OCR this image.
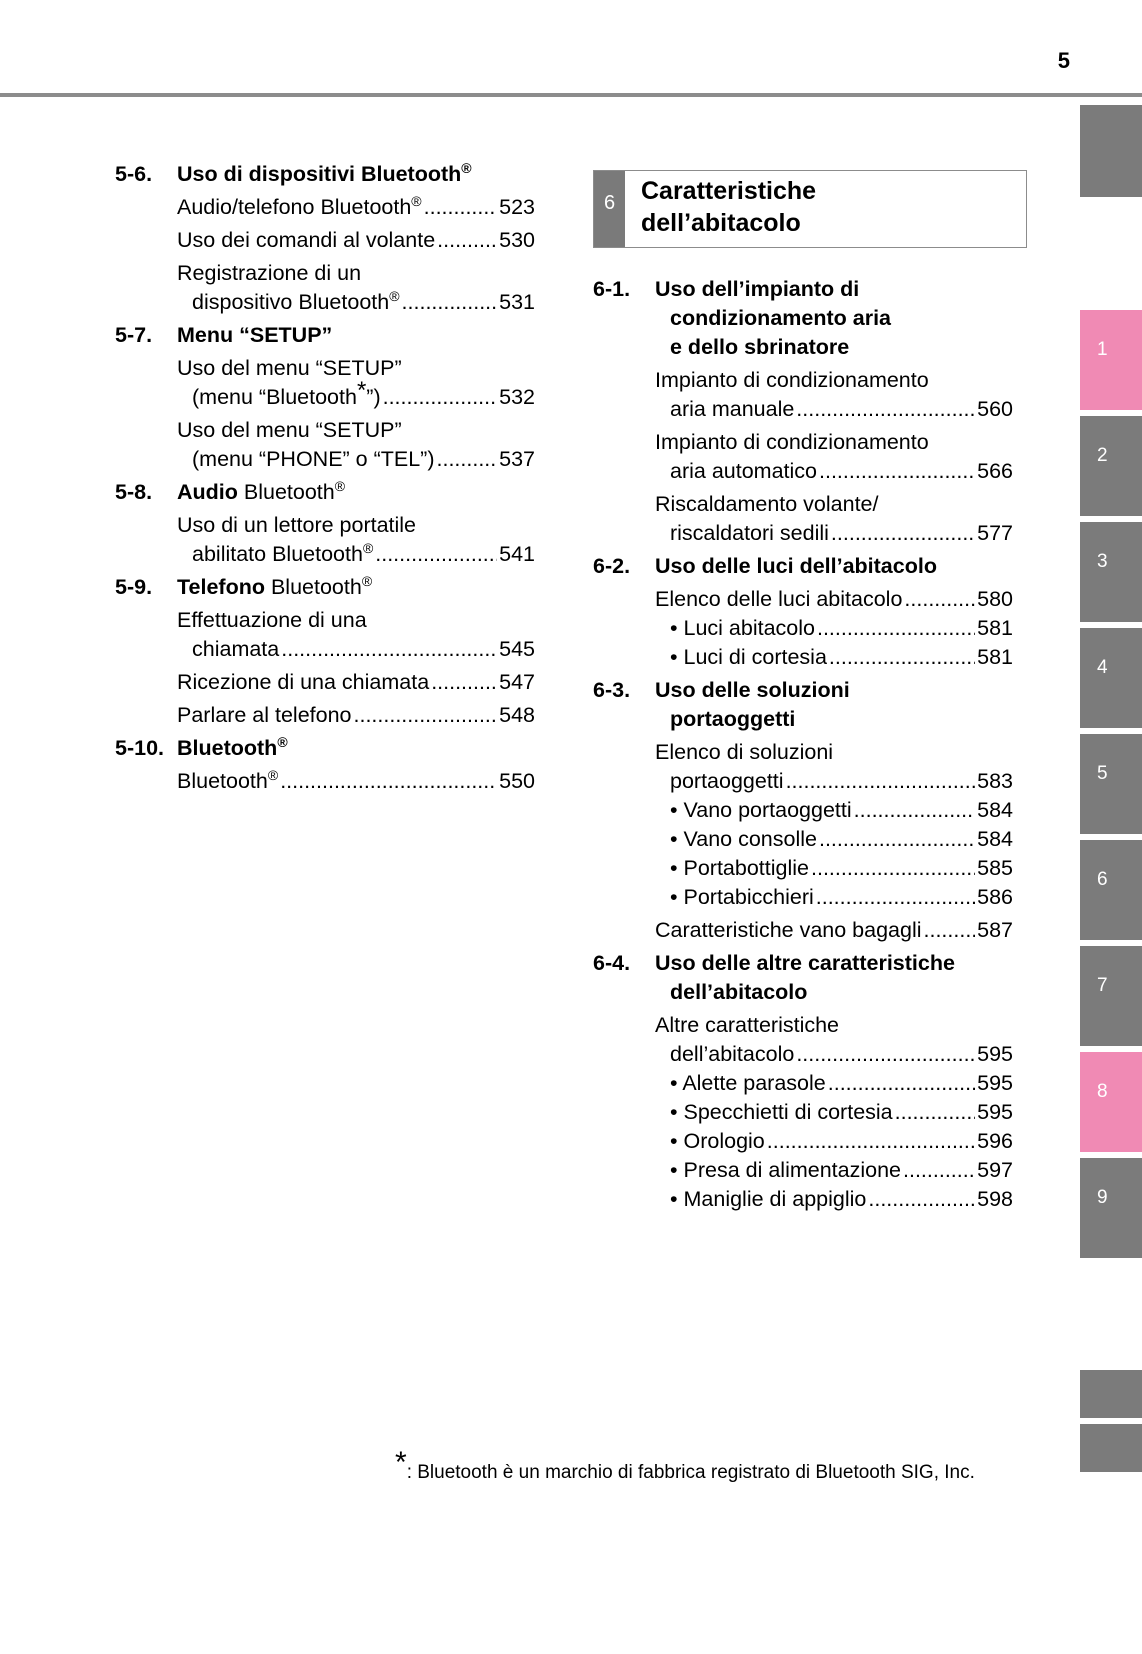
5
5-6.	Uso di dispositivi Bluetooth®
Audio/telefono Bluetooth® .....	523
Uso dei comandi al volante .....	530
Registrazione di un
dispositivo Bluetooth® .....	531
5-7.	Menu “SETUP”
Uso del menu “SETUP”
(menu “Bluetooth*”) .....	532
Uso del menu “SETUP”
(menu “PHONE” o “TEL”) .....	537
5-8.	Audio Bluetooth®
Uso di un lettore portatile
abilitato Bluetooth® .....	541
5-9.	Telefono Bluetooth®
Effettuazione di una
chiamata .....	545
Ricezione di una chiamata .....	547
Parlare al telefono .....	548
5-10. Bluetooth®
Bluetooth® .....	550
6	Caratteristiche
dell’abitacolo
6-1.	Uso dell’impianto di
condizionamento aria
e dello sbrinatore
Impianto di condizionamento
aria manuale .....	560
Impianto di condizionamento
aria automatico .....	566
Riscaldamento volante/
riscaldatori sedili .....	577
6-2.	Uso delle luci dell’abitacolo
Elenco delle luci abitacolo .....	580
• Luci abitacolo .....	581
• Luci di cortesia .....	581
6-3.	Uso delle soluzioni
portaoggetti
Elenco di soluzioni
portaoggetti .....	583
• Vano portaoggetti .....	584
• Vano consolle .....	584
• Portabottiglie .....	585
• Portabicchieri .....	586
Caratteristiche vano bagagli .....	587
6-4.	Uso delle altre caratteristiche
dell’abitacolo
Altre caratteristiche
dell’abitacolo .....	595
• Alette parasole .....	595
• Specchietti di cortesia .....	595
• Orologio .....	596
• Presa di alimentazione .....	597
• Maniglie di appiglio .....	598
1
2
3
4
5
6
7
8
9
*: Bluetooth è un marchio di fabbrica registrato di Bluetooth SIG, Inc.
